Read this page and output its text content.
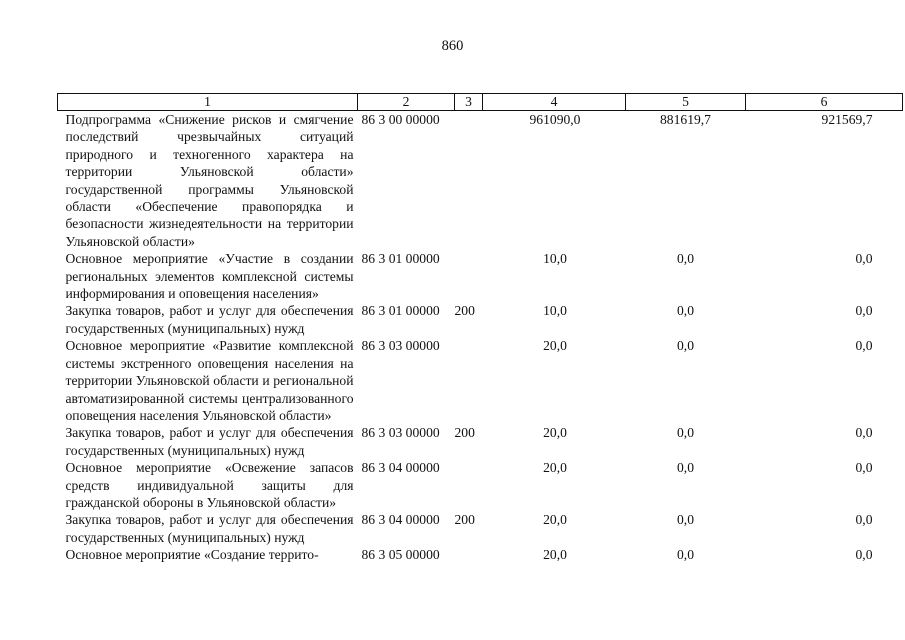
860
1	2	3	4	5	6
Подпрограмма «Снижение рисков и смягчение последствий чрезвычайных ситуаций природного и техногенного характера на территории Ульяновской области» государственной программы Ульяновской области «Обеспечение правопорядка и безопасности жизнедеятельности на территории Ульяновской области»	86 3 00 00000		961090,0	881619,7	921569,7
Основное мероприятие «Участие в создании региональных элементов комплексной системы информирования и оповещения населения»	86 3 01 00000		10,0	0,0	0,0
Закупка товаров, работ и услуг для обеспечения государственных (муниципальных) нужд	86 3 01 00000	200	10,0	0,0	0,0
Основное мероприятие «Развитие комплексной системы экстренного оповещения населения на территории Ульяновской области и региональной автоматизированной системы централизованного оповещения населения Ульяновской области»	86 3 03 00000		20,0	0,0	0,0
Закупка товаров, работ и услуг для обеспечения государственных (муниципальных) нужд	86 3 03 00000	200	20,0	0,0	0,0
Основное мероприятие «Освежение запасов средств индивидуальной защиты для гражданской обороны в Ульяновской области»	86 3 04 00000		20,0	0,0	0,0
Закупка товаров, работ и услуг для обеспечения государственных (муниципальных) нужд	86 3 04 00000	200	20,0	0,0	0,0
Основное мероприятие «Создание террито-	86 3 05 00000		20,0	0,0	0,0
